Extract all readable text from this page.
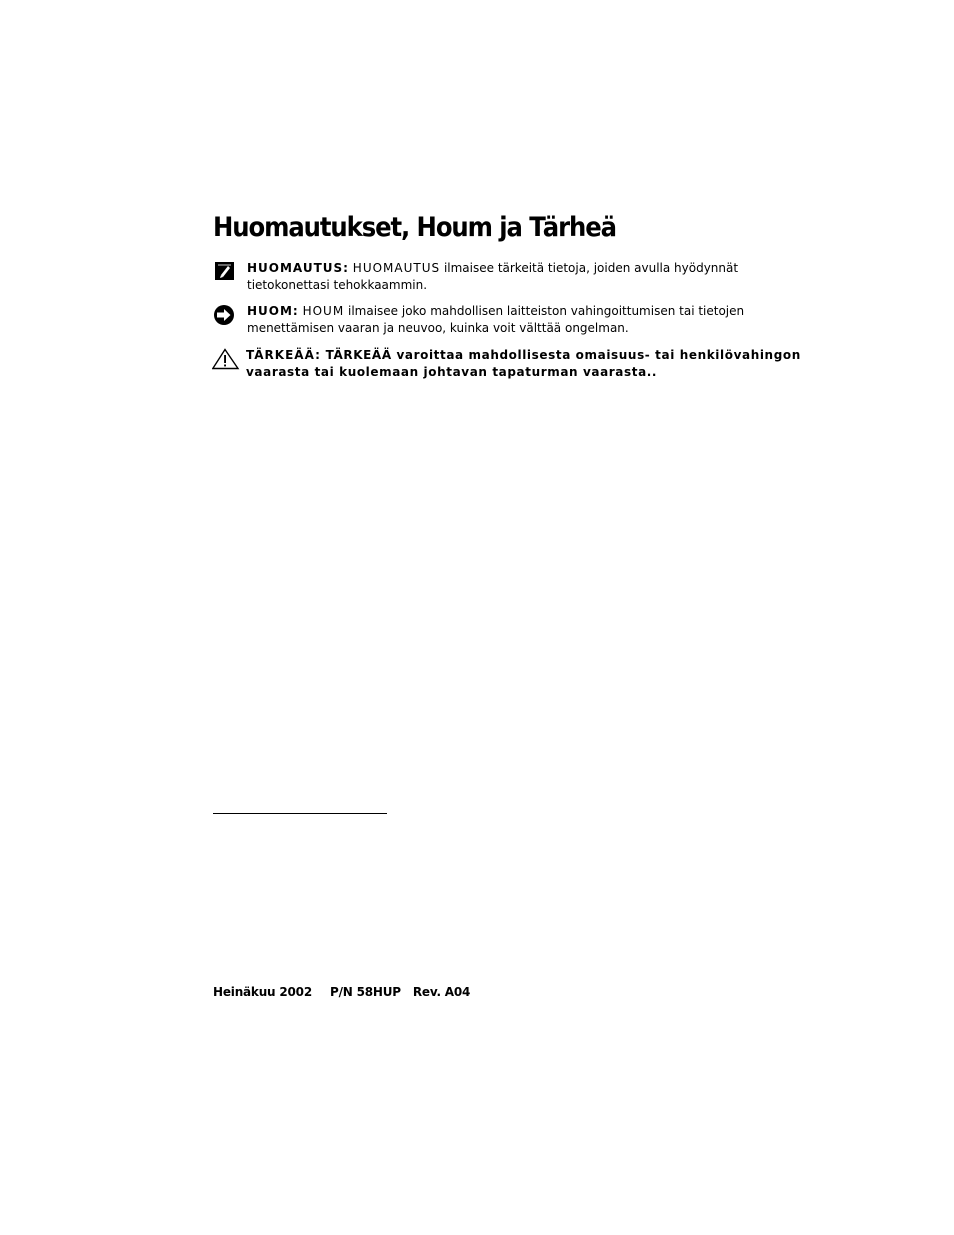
Huomautukset, Houm ja Tärheä
HUOMAUTUS: HUOMAUTUS ilmaisee tärkeitä tietoja, joiden avulla hyödynnät tietokonettasi tehokkaammin.
HUOM: HOUM ilmaisee joko mahdollisen laitteiston vahingoittumisen tai tietojen menettämisen vaaran ja neuvoo, kuinka voit välttää ongelman.
TÄRKEÄÄ: TÄRKEÄÄ varoittaa mahdollisesta omaisuus- tai henkilövahingon vaarasta tai kuolemaan johtavan tapaturman vaarasta..
Heinäkuu 2002 P/N 58HUP Rev. A04
